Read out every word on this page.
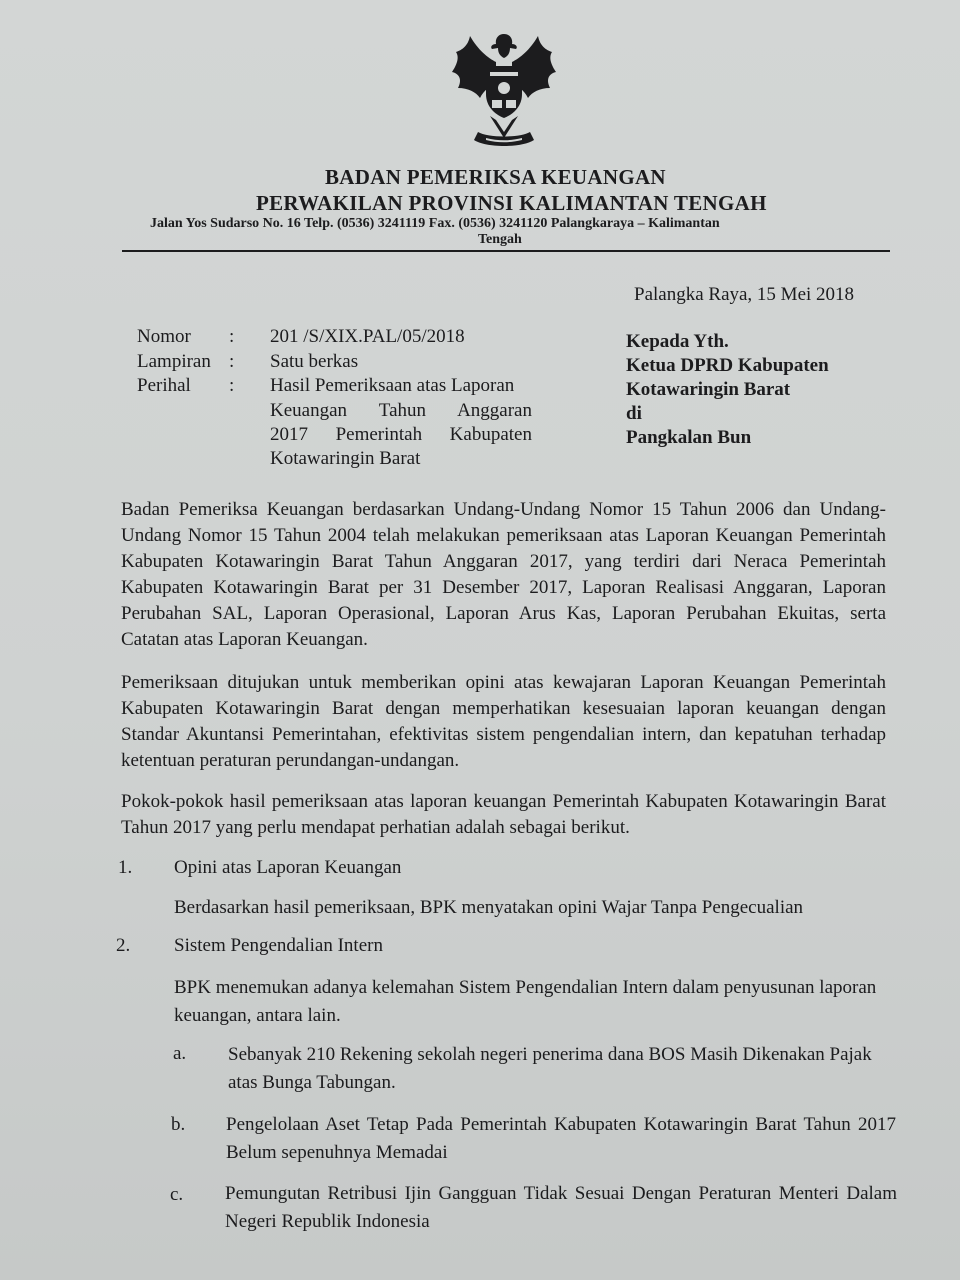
BADAN PEMERIKSA KEUANGAN
PERWAKILAN PROVINSI KALIMANTAN TENGAH
Jalan Yos Sudarso No. 16 Telp. (0536) 3241119 Fax. (0536) 3241120 Palangkaraya – Kalimantan
Tengah
Palangka Raya, 15 Mei 2018
Nomor : 201 /S/XIX.PAL/05/2018
Lampiran : Satu berkas
Perihal : Hasil Pemeriksaan atas Laporan
Keuangan Tahun Anggaran
2017 Pemerintah Kabupaten
Kotawaringin Barat
Kepada Yth.
Ketua DPRD Kabupaten
Kotawaringin Barat
di
Pangkalan Bun
Badan Pemeriksa Keuangan berdasarkan Undang-Undang Nomor 15 Tahun 2006 dan Undang-Undang Nomor 15 Tahun 2004 telah melakukan pemeriksaan atas Laporan Keuangan Pemerintah Kabupaten Kotawaringin Barat Tahun Anggaran 2017, yang terdiri dari Neraca Pemerintah Kabupaten Kotawaringin Barat per 31 Desember 2017, Laporan Realisasi Anggaran, Laporan Perubahan SAL, Laporan Operasional, Laporan Arus Kas, Laporan Perubahan Ekuitas, serta Catatan atas Laporan Keuangan.
Pemeriksaan ditujukan untuk memberikan opini atas kewajaran Laporan Keuangan Pemerintah Kabupaten Kotawaringin Barat dengan memperhatikan kesesuaian laporan keuangan dengan Standar Akuntansi Pemerintahan, efektivitas sistem pengendalian intern, dan kepatuhan terhadap ketentuan peraturan perundangan-undangan.
Pokok-pokok hasil pemeriksaan atas laporan keuangan Pemerintah Kabupaten Kotawaringin Barat Tahun 2017 yang perlu mendapat perhatian adalah sebagai berikut.
1. Opini atas Laporan Keuangan
Berdasarkan hasil pemeriksaan, BPK menyatakan opini Wajar Tanpa Pengecualian
2. Sistem Pengendalian Intern
BPK menemukan adanya kelemahan Sistem Pengendalian Intern dalam penyusunan laporan keuangan, antara lain.
a. Sebanyak 210 Rekening sekolah negeri penerima dana BOS Masih Dikenakan Pajak atas Bunga Tabungan.
b. Pengelolaan Aset Tetap Pada Pemerintah Kabupaten Kotawaringin Barat Tahun 2017 Belum sepenuhnya Memadai
c. Pemungutan Retribusi Ijin Gangguan Tidak Sesuai Dengan Peraturan Menteri Dalam Negeri Republik Indonesia
